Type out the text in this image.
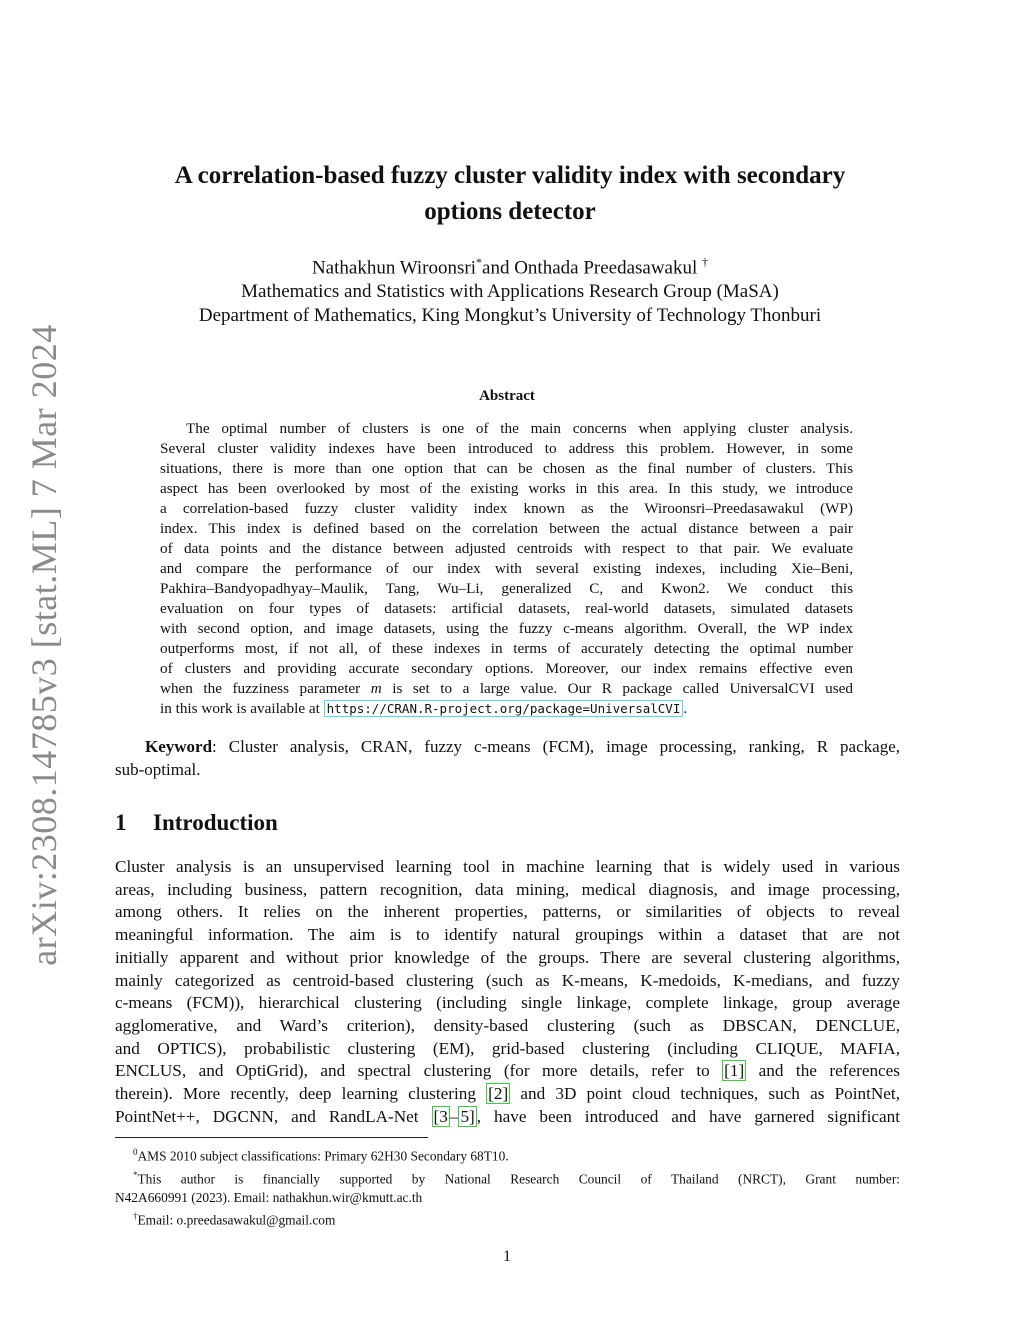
arXiv:2308.14785v3 [stat.ML] 7 Mar 2024
A correlation-based fuzzy cluster validity index with secondary
options detector
Nathakhun Wiroonsri*and Onthada Preedasawakul †
Mathematics and Statistics with Applications Research Group (MaSA)
Department of Mathematics, King Mongkut’s University of Technology Thonburi
Abstract
The optimal number of clusters is one of the main concerns when applying cluster analysis.
Several cluster validity indexes have been introduced to address this problem. However, in some
situations, there is more than one option that can be chosen as the final number of clusters. This
aspect has been overlooked by most of the existing works in this area. In this study, we introduce
a correlation-based fuzzy cluster validity index known as the Wiroonsri–Preedasawakul (WP)
index. This index is defined based on the correlation between the actual distance between a pair
of data points and the distance between adjusted centroids with respect to that pair. We evaluate
and compare the performance of our index with several existing indexes, including Xie–Beni,
Pakhira–Bandyopadhyay–Maulik, Tang, Wu–Li, generalized C, and Kwon2. We conduct this
evaluation on four types of datasets: artificial datasets, real-world datasets, simulated datasets
with second option, and image datasets, using the fuzzy c-means algorithm. Overall, the WP index
outperforms most, if not all, of these indexes in terms of accurately detecting the optimal number
of clusters and providing accurate secondary options. Moreover, our index remains effective even
when the fuzziness parameter m is set to a large value. Our R package called UniversalCVI used
in this work is available at https://CRAN.R-project.org/package=UniversalCVI .
Keyword: Cluster analysis, CRAN, fuzzy c-means (FCM), image processing, ranking, R package,
sub-optimal.
1 Introduction
Cluster analysis is an unsupervised learning tool in machine learning that is widely used in various
areas, including business, pattern recognition, data mining, medical diagnosis, and image processing,
among others. It relies on the inherent properties, patterns, or similarities of objects to reveal
meaningful information. The aim is to identify natural groupings within a dataset that are not
initially apparent and without prior knowledge of the groups. There are several clustering algorithms,
mainly categorized as centroid-based clustering (such as K-means, K-medoids, K-medians, and fuzzy
c-means (FCM)), hierarchical clustering (including single linkage, complete linkage, group average
agglomerative, and Ward’s criterion), density-based clustering (such as DBSCAN, DENCLUE,
and OPTICS), probabilistic clustering (EM), grid-based clustering (including CLIQUE, MAFIA,
ENCLUS, and OptiGrid), and spectral clustering (for more details, refer to [1] and the references
therein). More recently, deep learning clustering [2] and 3D point cloud techniques, such as PointNet,
PointNet++, DGCNN, and RandLA-Net [3 – 5] , have been introduced and have garnered significant
$^0$AMS 2010 subject classifications: Primary 62H30 Secondary 68T10.
*This author is financially supported by National Research Council of Thailand (NRCT), Grant number:
N42A660991 (2023). Email: nathakhun.wir@kmutt.ac.th
†Email: o.preedasawakul@gmail.com
1
